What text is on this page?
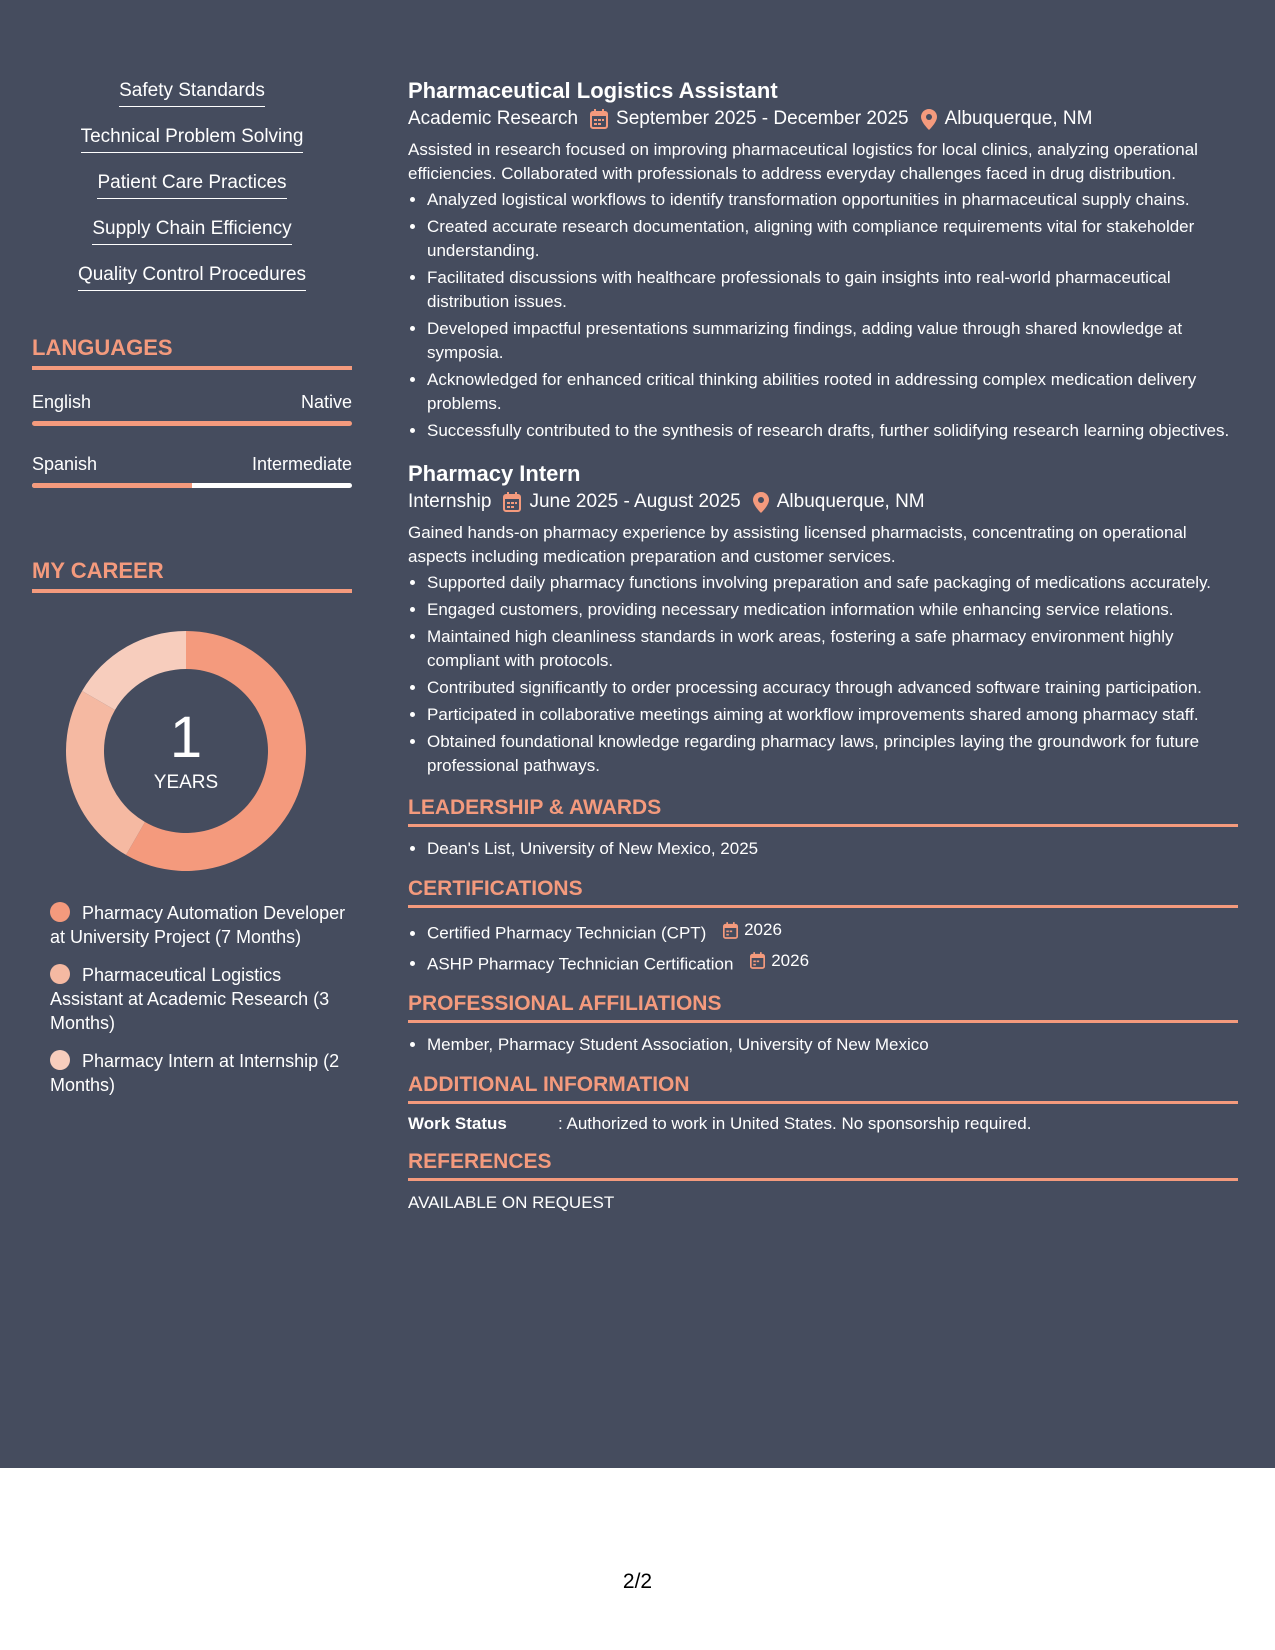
Safety Standards
Technical Problem Solving
Patient Care Practices
Supply Chain Efficiency
Quality Control Procedures
LANGUAGES
English	Native
Spanish	Intermediate
MY CAREER
1
YEARS
Pharmacy Automation Developer at University Project (7 Months)
Pharmaceutical Logistics Assistant at Academic Research (3 Months)
Pharmacy Intern at Internship (2 Months)
Pharmaceutical Logistics Assistant
Academic Research September 2025 - December 2025 Albuquerque, NM

Assisted in research focused on improving pharmaceutical logistics for local clinics, analyzing operational efficiencies. Collaborated with professionals to address everyday challenges faced in drug distribution.

• Analyzed logistical workflows to identify transformation opportunities in pharmaceutical supply chains.
• Created accurate research documentation, aligning with compliance requirements vital for stakeholder understanding.
• Facilitated discussions with healthcare professionals to gain insights into real-world pharmaceutical distribution issues.
• Developed impactful presentations summarizing findings, adding value through shared knowledge at symposia.
• Acknowledged for enhanced critical thinking abilities rooted in addressing complex medication delivery problems.
• Successfully contributed to the synthesis of research drafts, further solidifying research learning objectives.
Pharmacy Intern
Internship June 2025 - August 2025 Albuquerque, NM

Gained hands-on pharmacy experience by assisting licensed pharmacists, concentrating on operational aspects including medication preparation and customer services.

• Supported daily pharmacy functions involving preparation and safe packaging of medications accurately.
• Engaged customers, providing necessary medication information while enhancing service relations.
• Maintained high cleanliness standards in work areas, fostering a safe pharmacy environment highly compliant with protocols.
• Contributed significantly to order processing accuracy through advanced software training participation.
• Participated in collaborative meetings aiming at workflow improvements shared among pharmacy staff.
• Obtained foundational knowledge regarding pharmacy laws, principles laying the groundwork for future professional pathways.
LEADERSHIP & AWARDS
• Dean's List, University of New Mexico, 2025
CERTIFICATIONS
• Certified Pharmacy Technician (CPT) 2026
• ASHP Pharmacy Technician Certification 2026
PROFESSIONAL AFFILIATIONS
• Member, Pharmacy Student Association, University of New Mexico
ADDITIONAL INFORMATION
Work Status	: Authorized to work in United States. No sponsorship required.
REFERENCES
AVAILABLE ON REQUEST
2/2
